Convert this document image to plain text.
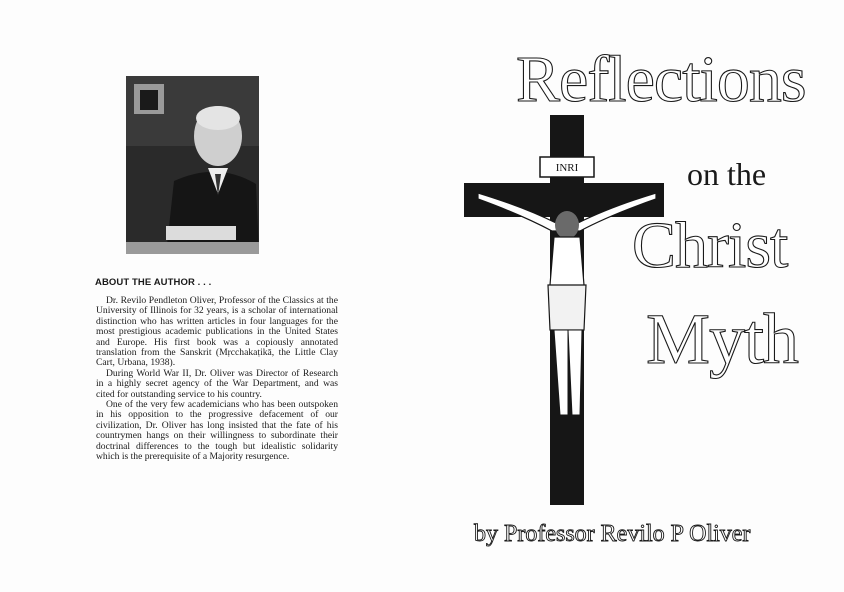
ABOUT THE AUTHOR . . .

Dr. Revilo Pendleton Oliver, Professor of the Classics at the University of Illinois for 32 years, is a scholar of international distinction who has written articles in four languages for the most prestigious academic publications in the United States and Europe. His first book was a copiously annotated translation from the Sanskrit (Mṛcchakaṭikā, the Little Clay Cart, Urbana, 1938).

During World War II, Dr. Oliver was Director of Research in a highly secret agency of the War Department, and was cited for outstanding service to his country.

One of the very few academicians who has been outspoken in his opposition to the progressive defacement of our civilization, Dr. Oliver has long insisted that the fate of his countrymen hangs on their willingness to subordinate their doctrinal differences to the tough but idealistic solidarity which is the prerequisite of a Majority resurgence.

INRI
Reflections
on the
Christ
Myth
by Professor Revilo P Oliver
